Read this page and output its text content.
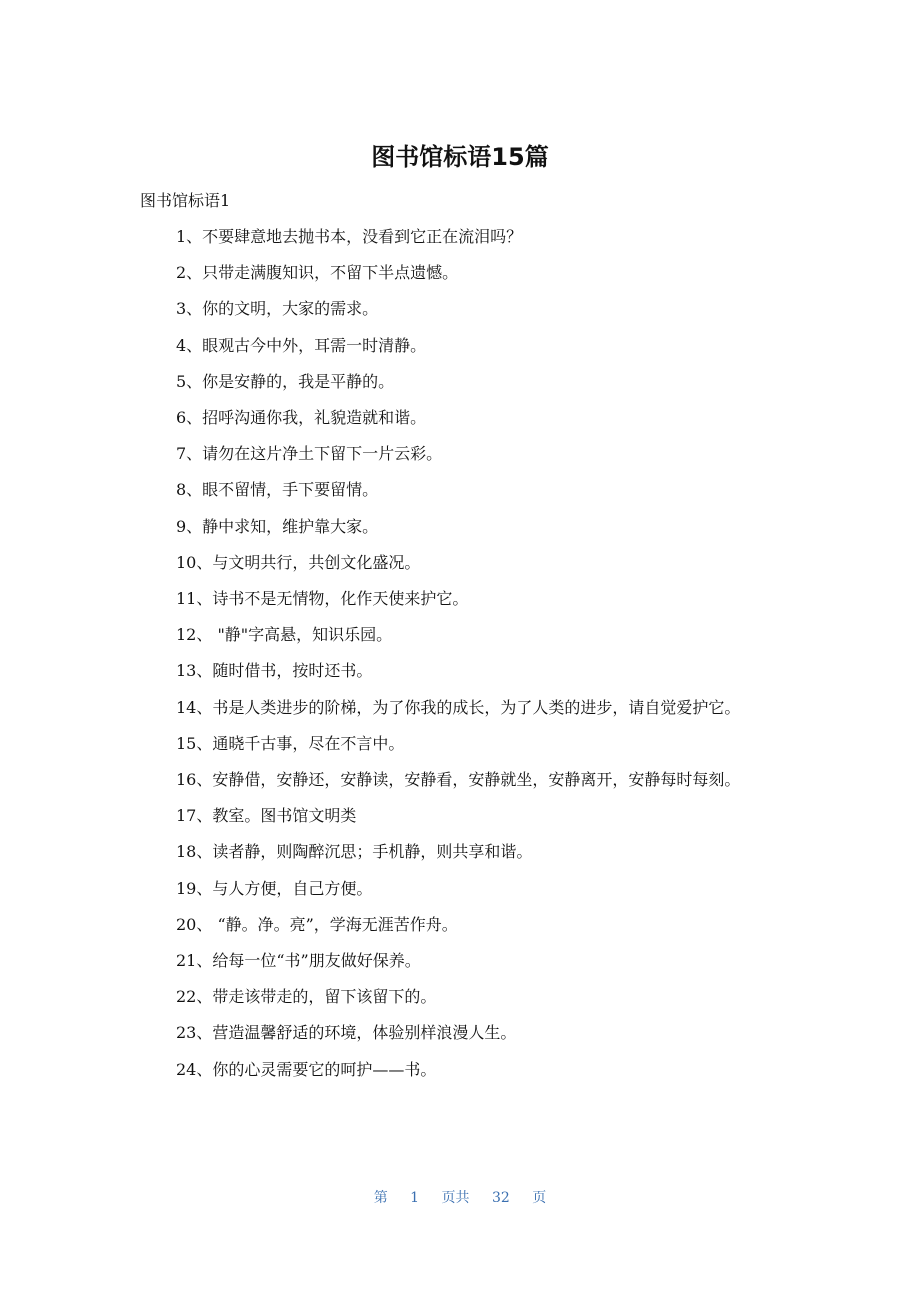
图书馆标语15篇
图书馆标语1
1、不要肆意地去抛书本，没看到它正在流泪吗？
2、只带走满腹知识，不留下半点遗憾。
3、你的文明，大家的需求。
4、眼观古今中外，耳需一时清静。
5、你是安静的，我是平静的。
6、招呼沟通你我，礼貌造就和谐。
7、请勿在这片净土下留下一片云彩。
8、眼不留情，手下要留情。
9、静中求知，维护靠大家。
10、与文明共行，共创文化盛况。
11、诗书不是无情物，化作天使来护它。
12、 "静"字高悬，知识乐园。
13、随时借书，按时还书。
14、书是人类进步的阶梯，为了你我的成长，为了人类的进步，请自觉爱护它。
15、通晓千古事，尽在不言中。
16、安静借，安静还，安静读，安静看，安静就坐，安静离开，安静每时每刻。
17、教室。图书馆文明类
18、读者静，则陶醉沉思；手机静，则共享和谐。
19、与人方便，自己方便。
20、 “静。净。亮”，学海无涯苦作舟。
21、给每一位“书”朋友做好保养。
22、带走该带走的，留下该留下的。
23、营造温馨舒适的环境，体验别样浪漫人生。
24、你的心灵需要它的呵护——书。
第 1 页共 32 页
